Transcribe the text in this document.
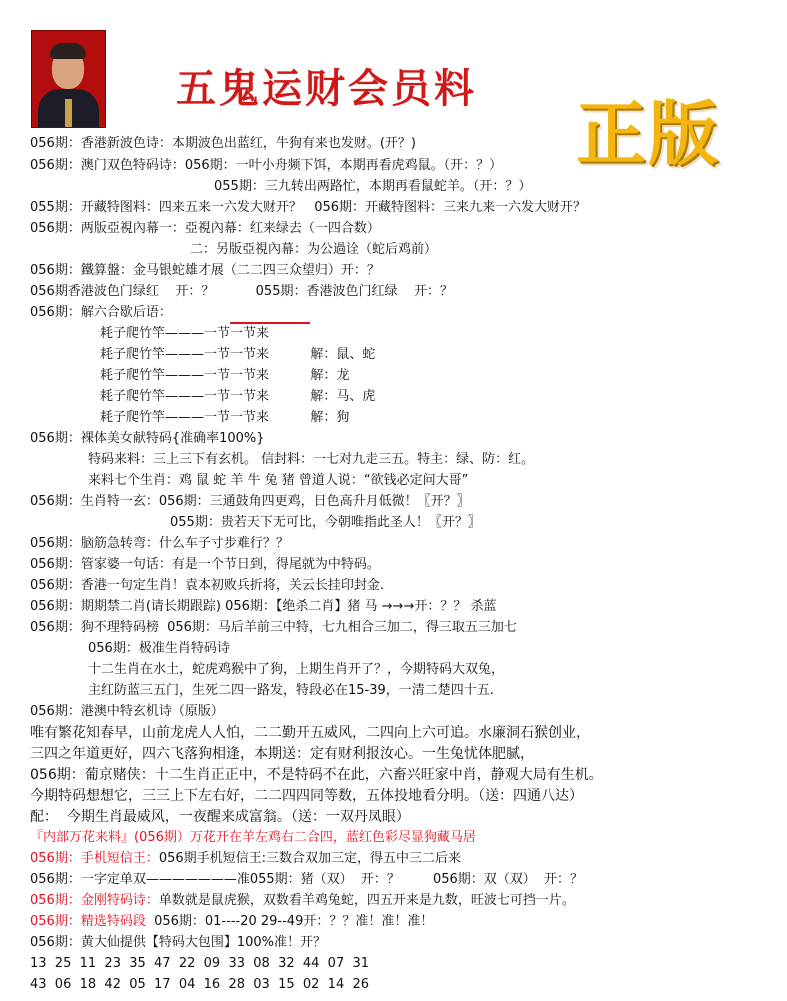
五鬼运财会员料
正版
056期：香港新波色诗：本期波色出蓝红，牛狗有来也发财。(开？)
056期：澳门双色特码诗：056期：一叶小舟频下饵，本期再看虎鸡鼠。（开：？）
055期：三九转出两路忙，本期再看鼠蛇羊。（开：？）
055期：开藏特图料：四来五来一六发大财开？   056期：开藏特图料：三来九来一六发大财开？
056期：两版亞視內幕一：亞視內幕：红来绿去（一四合数）
二：另版亞視內幕：为公過诠（蛇后鸡前）
056期：鐵算盤：金马银蛇雄才展（二二四三众望归）开：？
056期香港波色门绿红    开：？          055期：香港波色门红绿    开：？
056期：解六合歇后语：
耗子爬竹竿———一节一节来
耗子爬竹竿———一节一节来          解：鼠、蛇
耗子爬竹竿———一节一节来          解：龙
耗子爬竹竿———一节一节来          解：马、虎
耗子爬竹竿———一节一节来          解：狗
056期：裸体美女献特码{准确率100%}
特码来料：三上三下有玄机。 信封料：一七对九走三五。特主：绿、防：红。
来料七个生肖：鸡 鼠 蛇 羊 牛 兔 猪 曾道人说：“欲钱必定问大哥”
056期：生肖特一玄：056期：三通鼓角四更鸡，日色高升月低微！〖开？〗
055期：贵若天下无可比，今朝唯指此圣人！〖开？〗
056期：脑筋急转弯：什么车子寸步难行？？
056期：管家婆一句话：有是一个节日到，得尾就为中特码。
056期：香港一句定生肖！袁本初败兵折将，关云长挂印封金.
056期：期期禁二肖(请长期跟踪) 056期：【绝杀二肖】猪 马 →→→开：？？ 杀蓝
056期：狗不理特码榜  056期：马后羊前三中特，七九相合三加二，得三取五三加七
056期：极准生肖特码诗
十二生肖在水土，蛇虎鸡猴中了狗，上期生肖开了？，今期特码大双兔，
主红防蓝三五门，生死二四一路发，特段必在15-39，一清二楚四十五.
056期：港澳中特玄机诗（原版）
唯有繁花知春早，山前龙虎人人怕，二二勤开五威风，二四向上六可追。水廉洞石猴创业，
三四之年道更好，四六飞落狗相逢，本期送：定有财利报汝心。一生兔忧体肥腻，
056期：葡京赌侠：十二生肖正正中，不是特码不在此，六畜兴旺家中肖，静观大局有生机。
今期特码想想它，三三上下左右好，二二四四同等数，五体投地看分明。（送：四通八达）
配：  今期生肖最威风，一夜醒来成富翁。（送：一双丹凤眼）
『内部万花来料』(056期）万花开在羊左鸡右二合四，蓝红色彩尽显狗藏马居
056期：手机短信王：056期手机短信王:三数合双加三定，得五中三二后来
056期：一字定单双———————准055期：猪（双）  开：？        056期：双（双）  开：？
056期：金刚特码诗：单数就是鼠虎猴，双数看羊鸡兔蛇，四五开来是九数，旺波七可挡一片。
056期：精选特码段  056期：01----20 29--49开：？？准！准！准！
056期：黄大仙提供【特码大包围】100%准！开？
13  25  11  23  35  47  22  09  33  08  32  44  07  31
43  06  18  42  05  17  04  16  28  03  15  02  14  26
